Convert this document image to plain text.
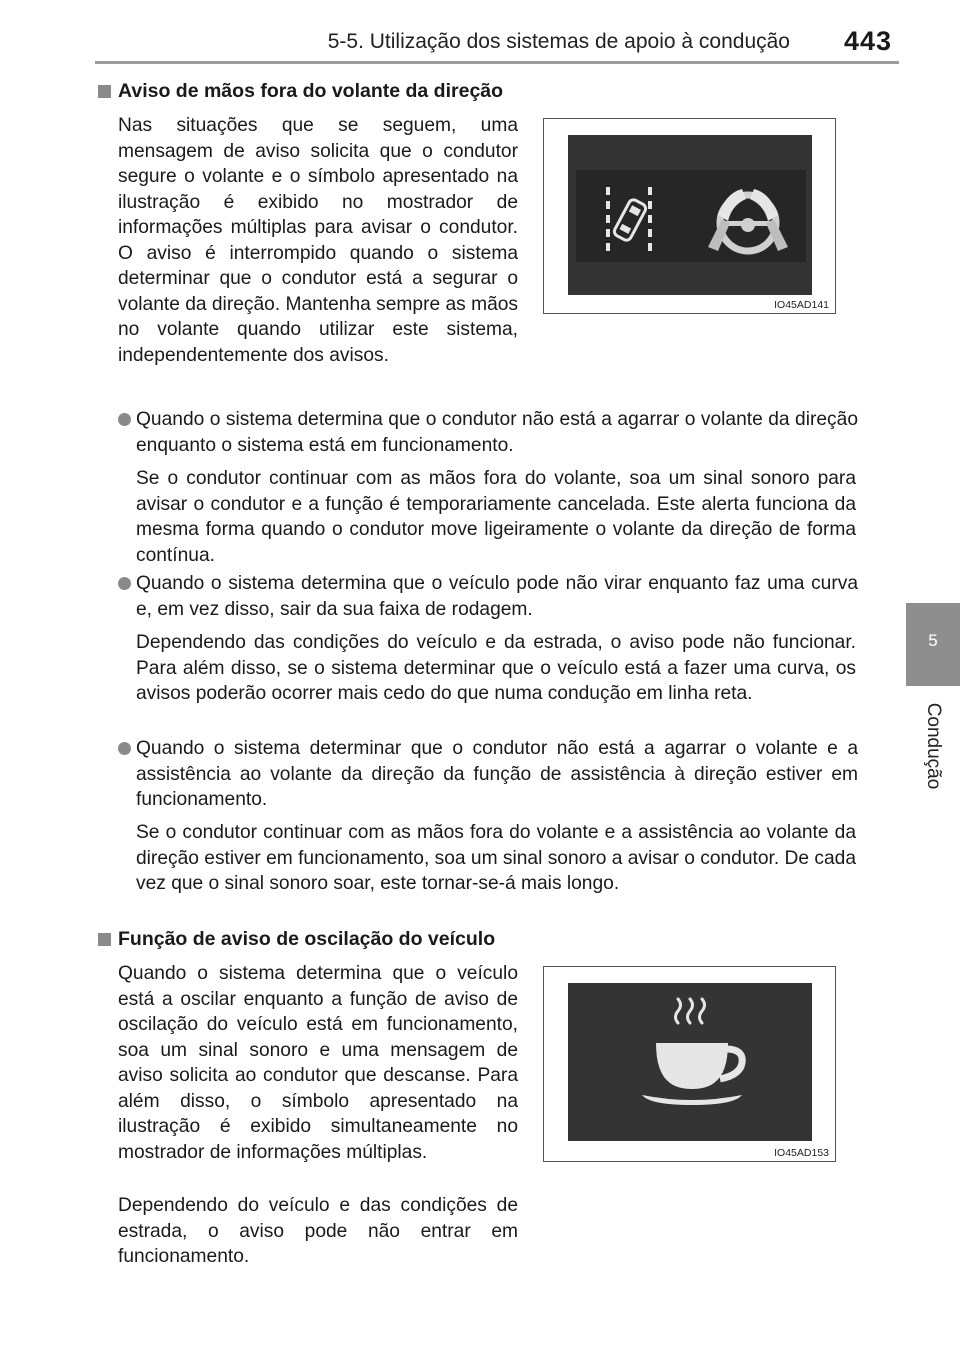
5-5. Utilização dos sistemas de apoio à condução 443
5
Condução
Aviso de mãos fora do volante da direção
Nas situações que se seguem, uma mensagem de aviso solicita que o condutor segure o volante e o símbolo apresentado na ilustração é exibido no mostrador de informações múltiplas para avisar o condutor. O aviso é interrompido quando o sistema determinar que o condutor está a segurar o volante da direção. Mantenha sempre as mãos no volante quando utilizar este sistema, independentemente dos avisos.
IO45AD141
Quando o sistema determina que o condutor não está a agarrar o volante da direção enquanto o sistema está em funcionamento.
Se o condutor continuar com as mãos fora do volante, soa um sinal sonoro para avisar o condutor e a função é temporariamente cancelada. Este alerta funciona da mesma forma quando o condutor move ligeiramente o volante da direção de forma contínua.
Quando o sistema determina que o veículo pode não virar enquanto faz uma curva e, em vez disso, sair da sua faixa de rodagem.
Dependendo das condições do veículo e da estrada, o aviso pode não funcionar. Para além disso, se o sistema determinar que o veículo está a fazer uma curva, os avisos poderão ocorrer mais cedo do que numa condução em linha reta.
Quando o sistema determinar que o condutor não está a agarrar o volante e a assistência ao volante da direção da função de assistência à direção estiver em funcionamento.
Se o condutor continuar com as mãos fora do volante e a assistência ao volante da direção estiver em funcionamento, soa um sinal sonoro a avisar o condutor. De cada vez que o sinal sonoro soar, este tornar-se-á mais longo.
Função de aviso de oscilação do veículo
Quando o sistema determina que o veículo está a oscilar enquanto a função de aviso de oscilação do veículo está em funcionamento, soa um sinal sonoro e uma mensagem de aviso solicita ao condutor que descanse. Para além disso, o símbolo apresentado na ilustração é exibido simultaneamente no mostrador de informações múltiplas.
Dependendo do veículo e das condições de estrada, o aviso pode não entrar em funcionamento.
IO45AD153
